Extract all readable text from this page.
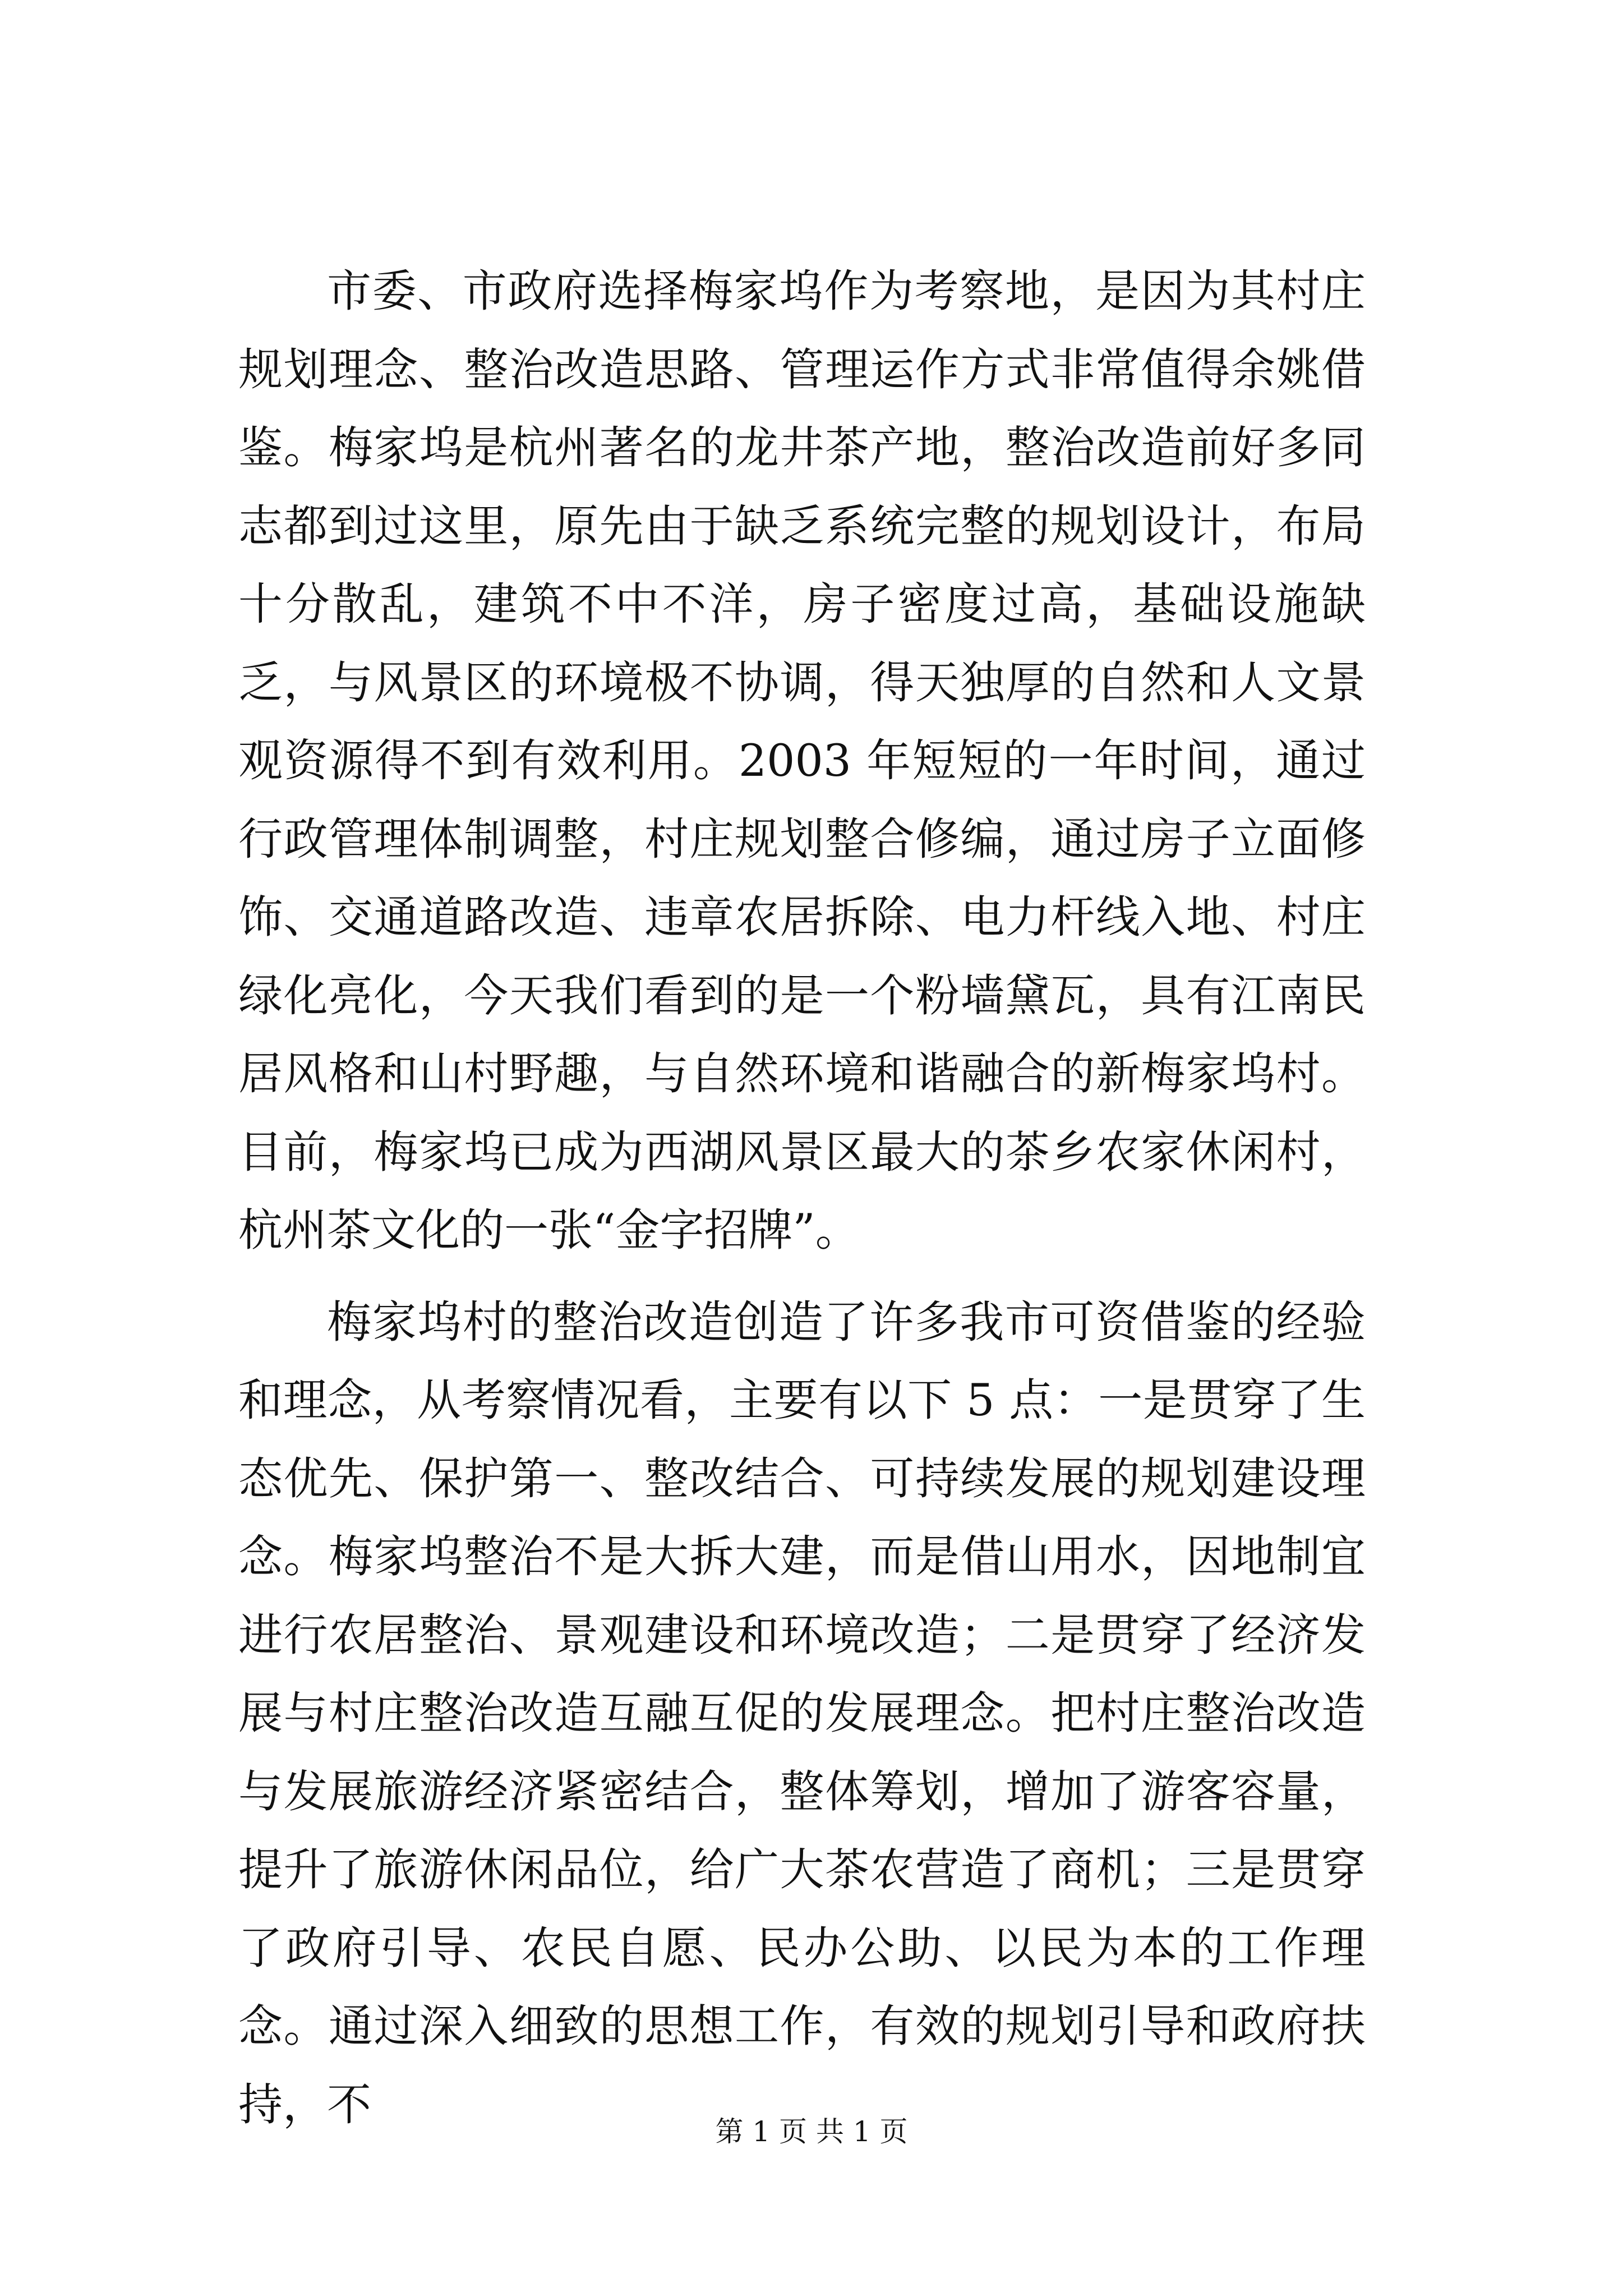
市委、市政府选择梅家坞作为考察地，是因为其村庄规划理念、整治改造思路、管理运作方式非常值得余姚借鉴。梅家坞是杭州著名的龙井茶产地，整治改造前好多同志都到过这里，原先由于缺乏系统完整的规划设计，布局十分散乱，建筑不中不洋，房子密度过高，基础设施缺乏，与风景区的环境极不协调，得天独厚的自然和人文景观资源得不到有效利用。2003 年短短的一年时间，通过行政管理体制调整，村庄规划整合修编，通过房子立面修饰、交通道路改造、违章农居拆除、电力杆线入地、村庄绿化亮化，今天我们看到的是一个粉墙黛瓦，具有江南民居风格和山村野趣，与自然环境和谐融合的新梅家坞村。目前，梅家坞已成为西湖风景区最大的茶乡农家休闲村，杭州茶文化的一张“金字招牌”。

梅家坞村的整治改造创造了许多我市可资借鉴的经验和理念，从考察情况看，主要有以下 5 点：一是贯穿了生态优先、保护第一、整改结合、可持续发展的规划建设理念。梅家坞整治不是大拆大建，而是借山用水，因地制宜进行农居整治、景观建设和环境改造；二是贯穿了经济发展与村庄整治改造互融互促的发展理念。把村庄整治改造与发展旅游经济紧密结合，整体筹划，增加了游客容量，提升了旅游休闲品位，给广大茶农营造了商机；三是贯穿了政府引导、农民自愿、民办公助、以民为本的工作理念。通过深入细致的思想工作，有效的规划引导和政府扶持，不

第 1 页 共 1 页
